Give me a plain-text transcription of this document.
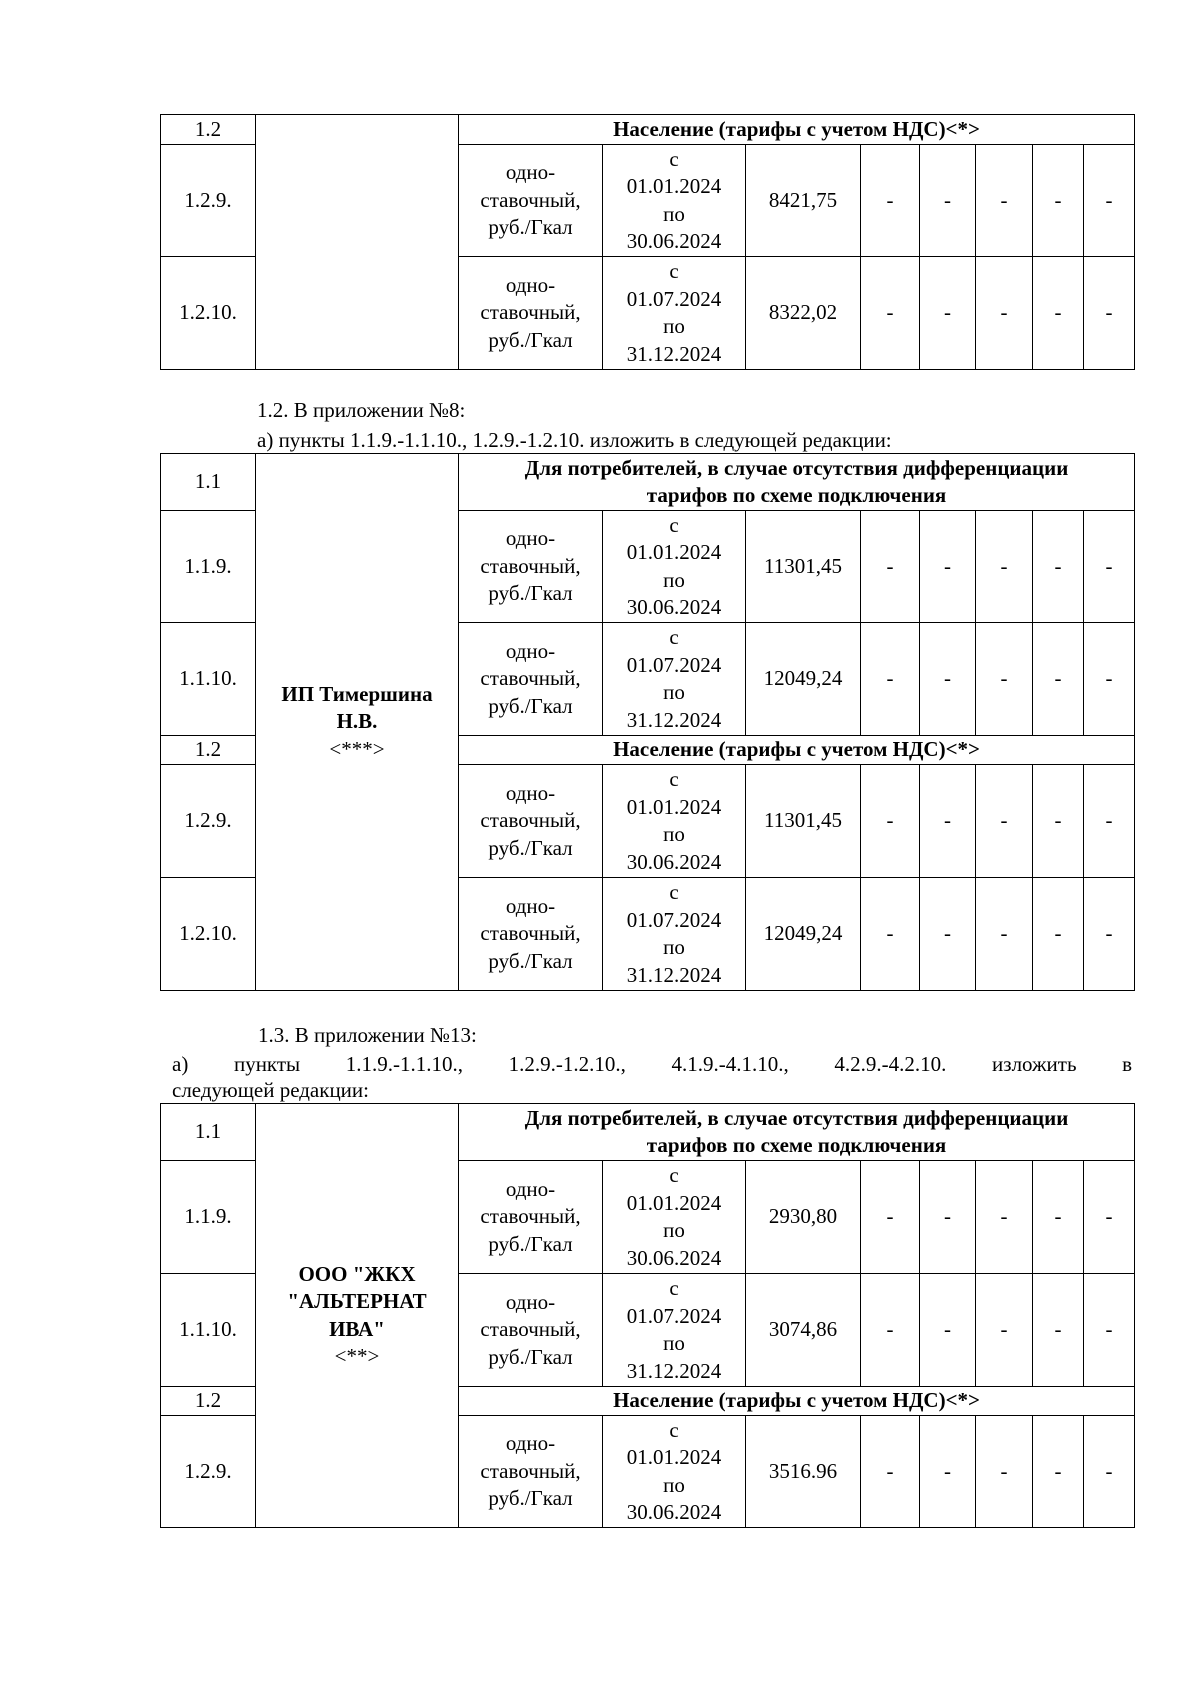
1.2		Население (тарифы с учетом НДС)<*>							
1.2.9.		одно-
ставочный,
руб./Гкал	с
01.01.2024
по
30.06.2024	8421,75	-	-	-	-	-
1.2.10.		одно-
ставочный,
руб./Гкал	с
01.07.2024
по
31.12.2024	8322,02	-	-	-	-	-
1.2. В приложении №8:
а) пункты 1.1.9.-1.1.10., 1.2.9.-1.2.10. изложить в следующей редакции:
1.1	ИП Тимершина
Н.В.
<***>	Для потребителей, в случае отсутствия дифференциации
тарифов по схеме подключения							
1.1.9.		одно-
ставочный,
руб./Гкал	с
01.01.2024
по
30.06.2024	11301,45	-	-	-	-	-
1.1.10.		одно-
ставочный,
руб./Гкал	с
01.07.2024
по
31.12.2024	12049,24	-	-	-	-	-
1.2		Население (тарифы с учетом НДС)<*>							
1.2.9.		одно-
ставочный,
руб./Гкал	с
01.01.2024
по
30.06.2024	11301,45	-	-	-	-	-
1.2.10.		одно-
ставочный,
руб./Гкал	с
01.07.2024
по
31.12.2024	12049,24	-	-	-	-	-
1.3. В приложении №13:
а) пункты 1.1.9.-1.1.10., 1.2.9.-1.2.10., 4.1.9.-4.1.10., 4.2.9.-4.2.10. изложить в
следующей редакции:
1.1	ООО "ЖКХ
"АЛЬТЕРНАТ
ИВА"
<**>	Для потребителей, в случае отсутствия дифференциации
тарифов по схеме подключения							
1.1.9.		одно-
ставочный,
руб./Гкал	с
01.01.2024
по
30.06.2024	2930,80	-	-	-	-	-
1.1.10.		одно-
ставочный,
руб./Гкал	с
01.07.2024
по
31.12.2024	3074,86	-	-	-	-	-
1.2		Население (тарифы с учетом НДС)<*>							
1.2.9.		одно-
ставочный,
руб./Гкал	с
01.01.2024
по
30.06.2024	3516.96	-	-	-	-	-
